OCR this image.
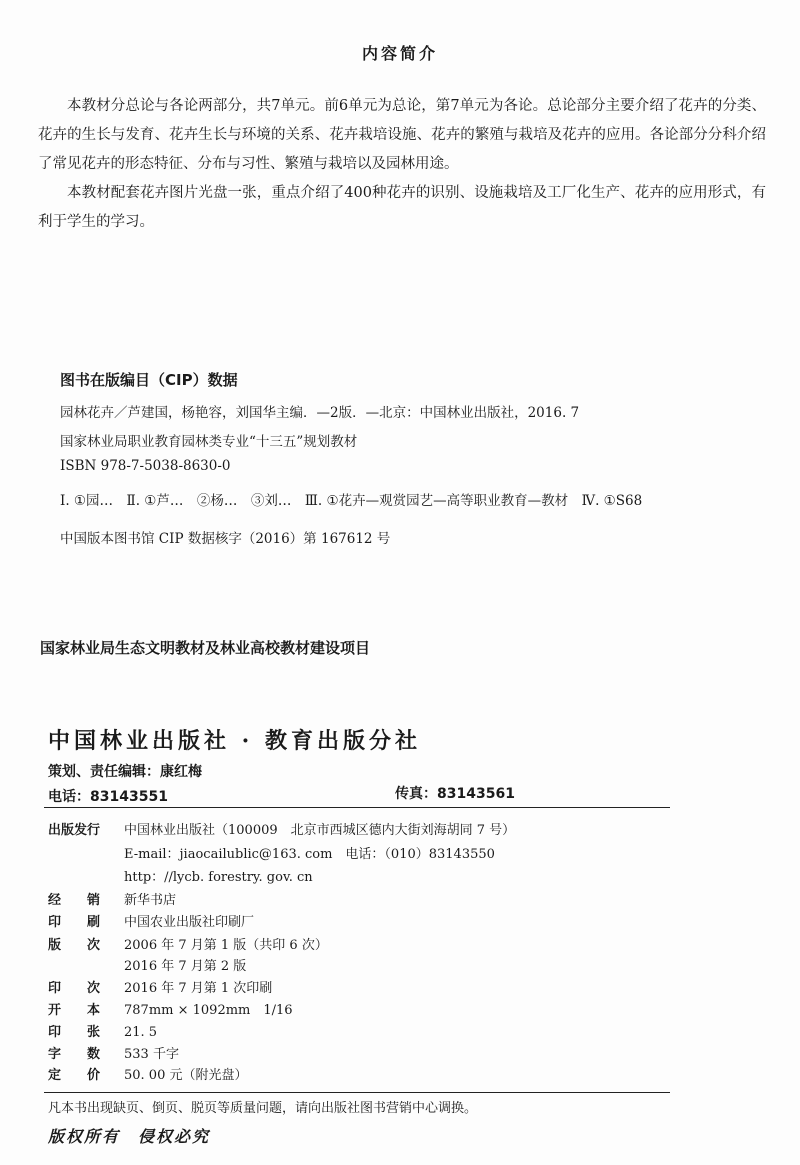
内容简介

本教材分总论与各论两部分，共7单元。前6单元为总论，第7单元为各论。总论部分主要介绍了花卉的分类、花卉的生长与发育、花卉生长与环境的关系、花卉栽培设施、花卉的繁殖与栽培及花卉的应用。各论部分分科介绍了常见花卉的形态特征、分布与习性、繁殖与栽培以及园林用途。

本教材配套花卉图片光盘一张，重点介绍了400种花卉的识别、设施栽培及工厂化生产、花卉的应用形式，有利于学生的学习。

图书在版编目（CIP）数据
园林花卉／芦建国，杨艳容，刘国华主编．—2版．—北京：中国林业出版社，2016. 7
国家林业局职业教育园林类专业“十三五”规划教材
ISBN 978-7-5038-8630-0
Ⅰ. ①园…　Ⅱ. ①芦…　②杨…　③刘…　Ⅲ. ①花卉—观赏园艺—高等职业教育—教材　Ⅳ. ①S68
中国版本图书馆 CIP 数据核字（2016）第 167612 号
国家林业局生态文明教材及林业高校教材建设项目
中国林业出版社 · 教育出版分社
策划、责任编辑：康红梅
电话：83143551	传真：83143561
出版发行 中国林业出版社（100009　北京市西城区德内大街刘海胡同 7 号）
E-mail：jiaocailublic@163. com　电话：（010）83143550
http：//lycb. forestry. gov. cn
经　　销 新华书店
印　　刷 中国农业出版社印刷厂
版　　次 2006 年 7 月第 1 版（共印 6 次）
2016 年 7 月第 2 版
印　　次 2016 年 7 月第 1 次印刷
开　　本 787mm × 1092mm　1/16
印　　张 21. 5
字　　数 533 千字
定　　价 50. 00 元（附光盘）
凡本书出现缺页、倒页、脱页等质量问题，请向出版社图书营销中心调换。
版权所有　侵权必究
